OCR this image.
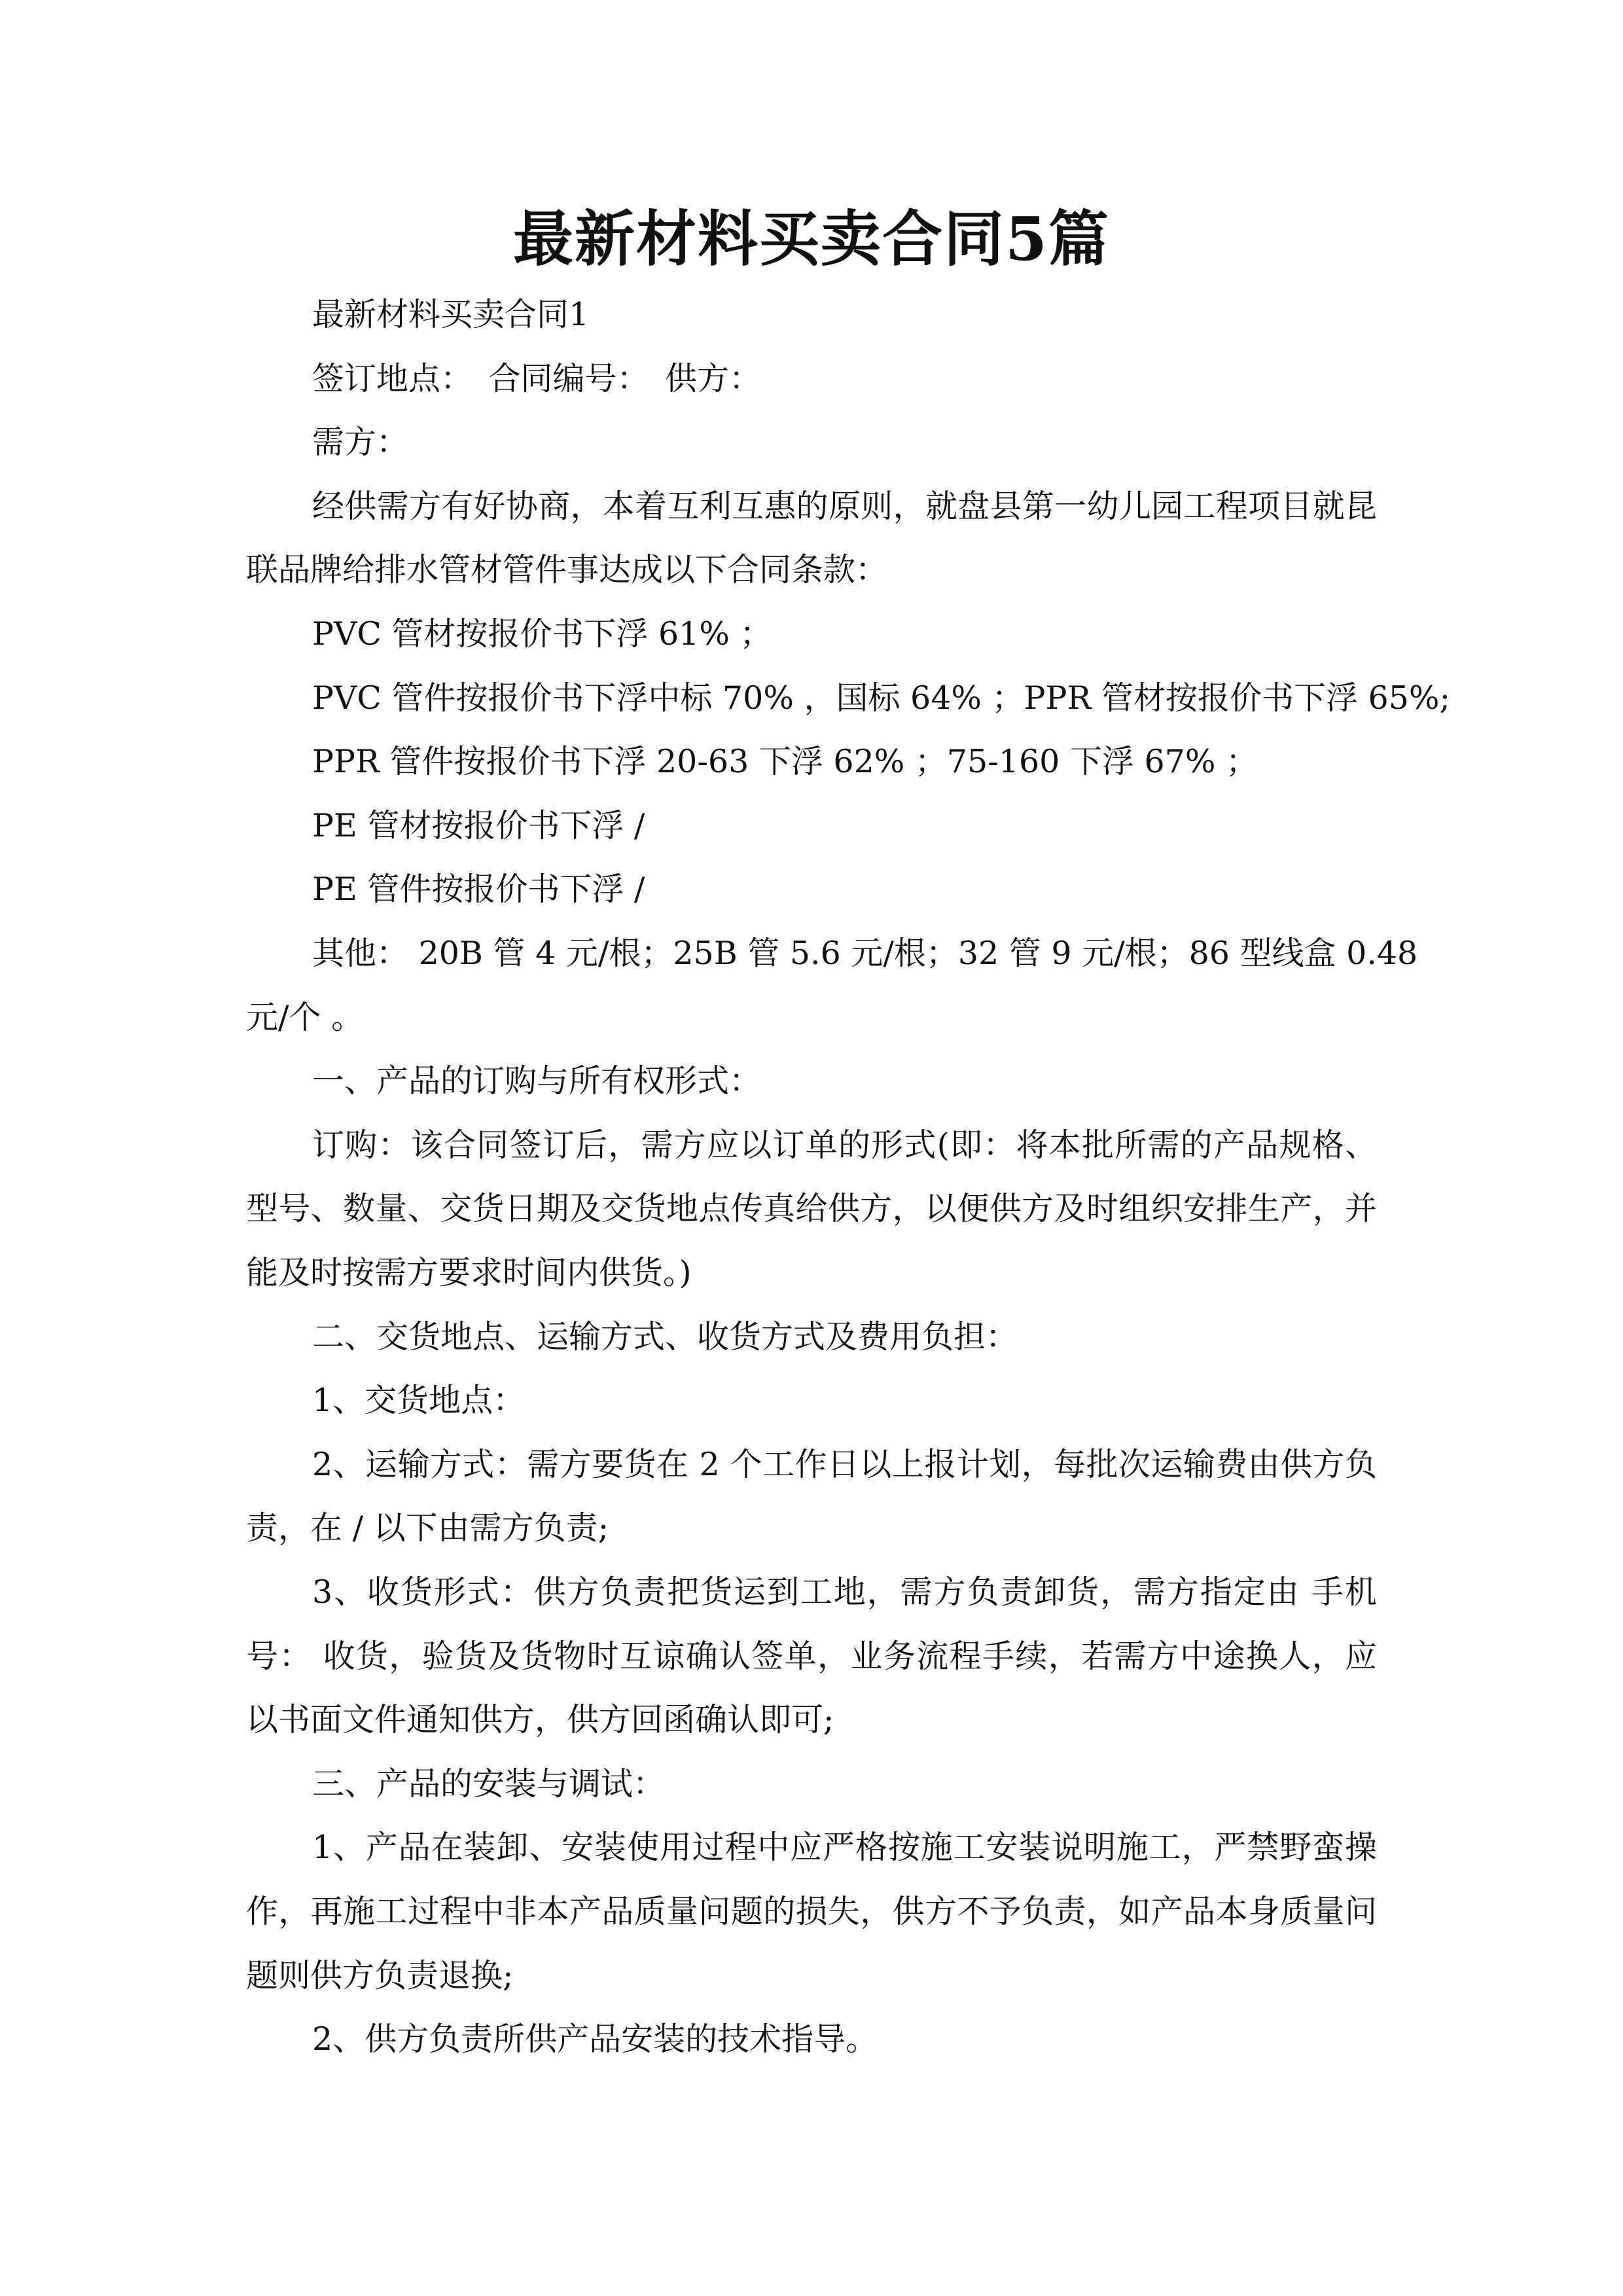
最新材料买卖合同5篇
最新材料买卖合同1
签订地点：　合同编号：　供方：
需方：
经供需方有好协商，本着互利互惠的原则，就盘县第一幼儿园工程项目就昆
联品牌给排水管材管件事达成以下合同条款：
PVC 管材按报价书下浮 61% ；
PVC 管件按报价书下浮中标 70% ，国标 64% ；PPR 管材按报价书下浮 65%;
PPR 管件按报价书下浮 20-63 下浮 62% ；75-160 下浮 67% ；
PE 管材按报价书下浮 /
PE 管件按报价书下浮 /
其他： 20B 管 4 元/根；25B 管 5.6 元/根；32 管 9 元/根；86 型线盒 0.48
元/个 。
一、产品的订购与所有权形式：
订购：该合同签订后，需方应以订单的形式(即：将本批所需的产品规格、
型号、数量、交货日期及交货地点传真给供方，以便供方及时组织安排生产，并
能及时按需方要求时间内供货。)
二、交货地点、运输方式、收货方式及费用负担：
1、交货地点：
2、运输方式：需方要货在 2 个工作日以上报计划，每批次运输费由供方负
责，在 / 以下由需方负责;
3、收货形式：供方负责把货运到工地，需方负责卸货，需方指定由 手机
号： 收货，验货及货物时互谅确认签单，业务流程手续，若需方中途换人，应
以书面文件通知供方，供方回函确认即可;
三、产品的安装与调试：
1、产品在装卸、安装使用过程中应严格按施工安装说明施工，严禁野蛮操
作，再施工过程中非本产品质量问题的损失，供方不予负责，如产品本身质量问
题则供方负责退换;
2、供方负责所供产品安装的技术指导。
